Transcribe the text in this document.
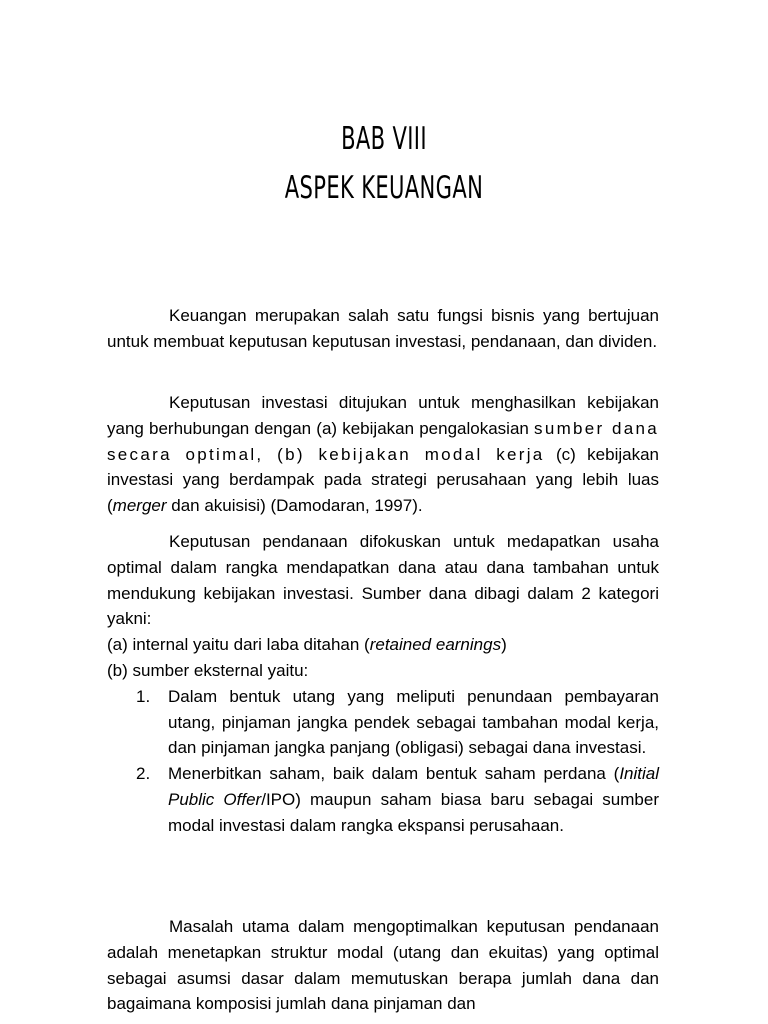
BAB VIII
ASPEK KEUANGAN

Keuangan merupakan salah satu fungsi bisnis yang bertujuan untuk membuat keputusan keputusan investasi, pendanaan, dan dividen.

Keputusan investasi ditujukan untuk menghasilkan kebijakan yang berhubungan dengan (a) kebijakan pengalokasian sumber dana secara optimal, (b) kebijakan modal kerja (c) kebijakan investasi yang berdampak pada strategi perusahaan yang lebih luas (merger dan akuisisi) (Damodaran, 1997).

Keputusan pendanaan difokuskan untuk medapatkan usaha optimal dalam rangka mendapatkan dana atau dana tambahan untuk mendukung kebijakan investasi. Sumber dana dibagi dalam 2 kategori yakni:

(a) internal yaitu dari laba ditahan (retained earnings)
(b) sumber eksternal yaitu:
1. Dalam bentuk utang yang meliputi penundaan pembayaran utang, pinjaman jangka pendek sebagai tambahan modal kerja, dan pinjaman jangka panjang (obligasi) sebagai dana investasi.
2. Menerbitkan saham, baik dalam bentuk saham perdana (Initial Public Offer/IPO) maupun saham biasa baru sebagai sumber modal investasi dalam rangka ekspansi perusahaan.

Masalah utama dalam mengoptimalkan keputusan pendanaan adalah menetapkan struktur modal (utang dan ekuitas) yang optimal sebagai asumsi dasar dalam memutuskan berapa jumlah dana dan bagaimana komposisi jumlah dana pinjaman dan
